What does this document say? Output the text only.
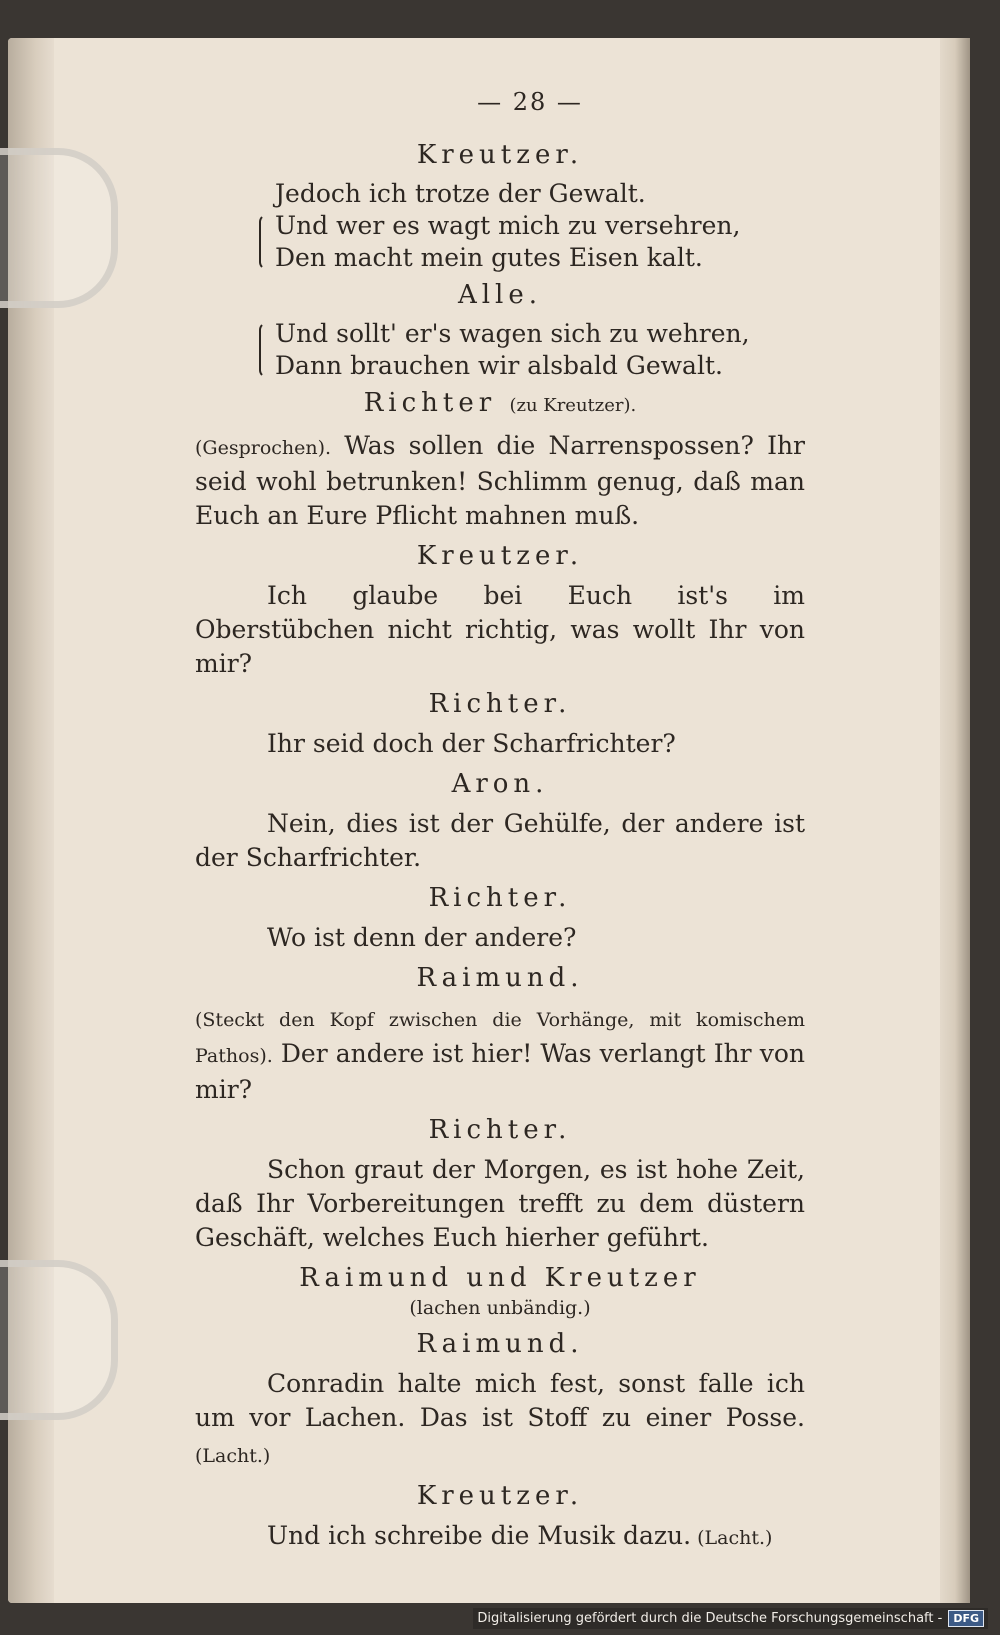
— 28 —
Kreutzer.
Jedoch ich trotze der Gewalt.
Und wer es wagt mich zu versehren,
Den macht mein gutes Eisen kalt.
Alle.
Und sollt' er's wagen sich zu wehren,
Dann brauchen wir alsbald Gewalt.
Richter (zu Kreutzer).

(Gesprochen). Was sollen die Narrenspossen? Ihr seid wohl betrunken! Schlimm genug, daß man Euch an Eure Pflicht mahnen muß.

Kreutzer.

Ich glaube bei Euch ist's im Oberstübchen nicht richtig, was wollt Ihr von mir?

Richter.

Ihr seid doch der Scharfrichter?

Aron.

Nein, dies ist der Gehülfe, der andere ist der Scharfrichter.

Richter.

Wo ist denn der andere?

Raimund.

(Steckt den Kopf zwischen die Vorhänge, mit komischem Pathos). Der andere ist hier! Was verlangt Ihr von mir?

Richter.

Schon graut der Morgen, es ist hohe Zeit, daß Ihr Vorbereitungen trefft zu dem düstern Geschäft, welches Euch hierher geführt.

Raimund und Kreutzer
(lachen unbändig.)
Raimund.

Conradin halte mich fest, sonst falle ich um vor Lachen. Das ist Stoff zu einer Posse. (Lacht.)

Kreutzer.

Und ich schreibe die Musik dazu. (Lacht.)

Digitalisierung gefördert durch die Deutsche Forschungsgemeinschaft -	DFG
